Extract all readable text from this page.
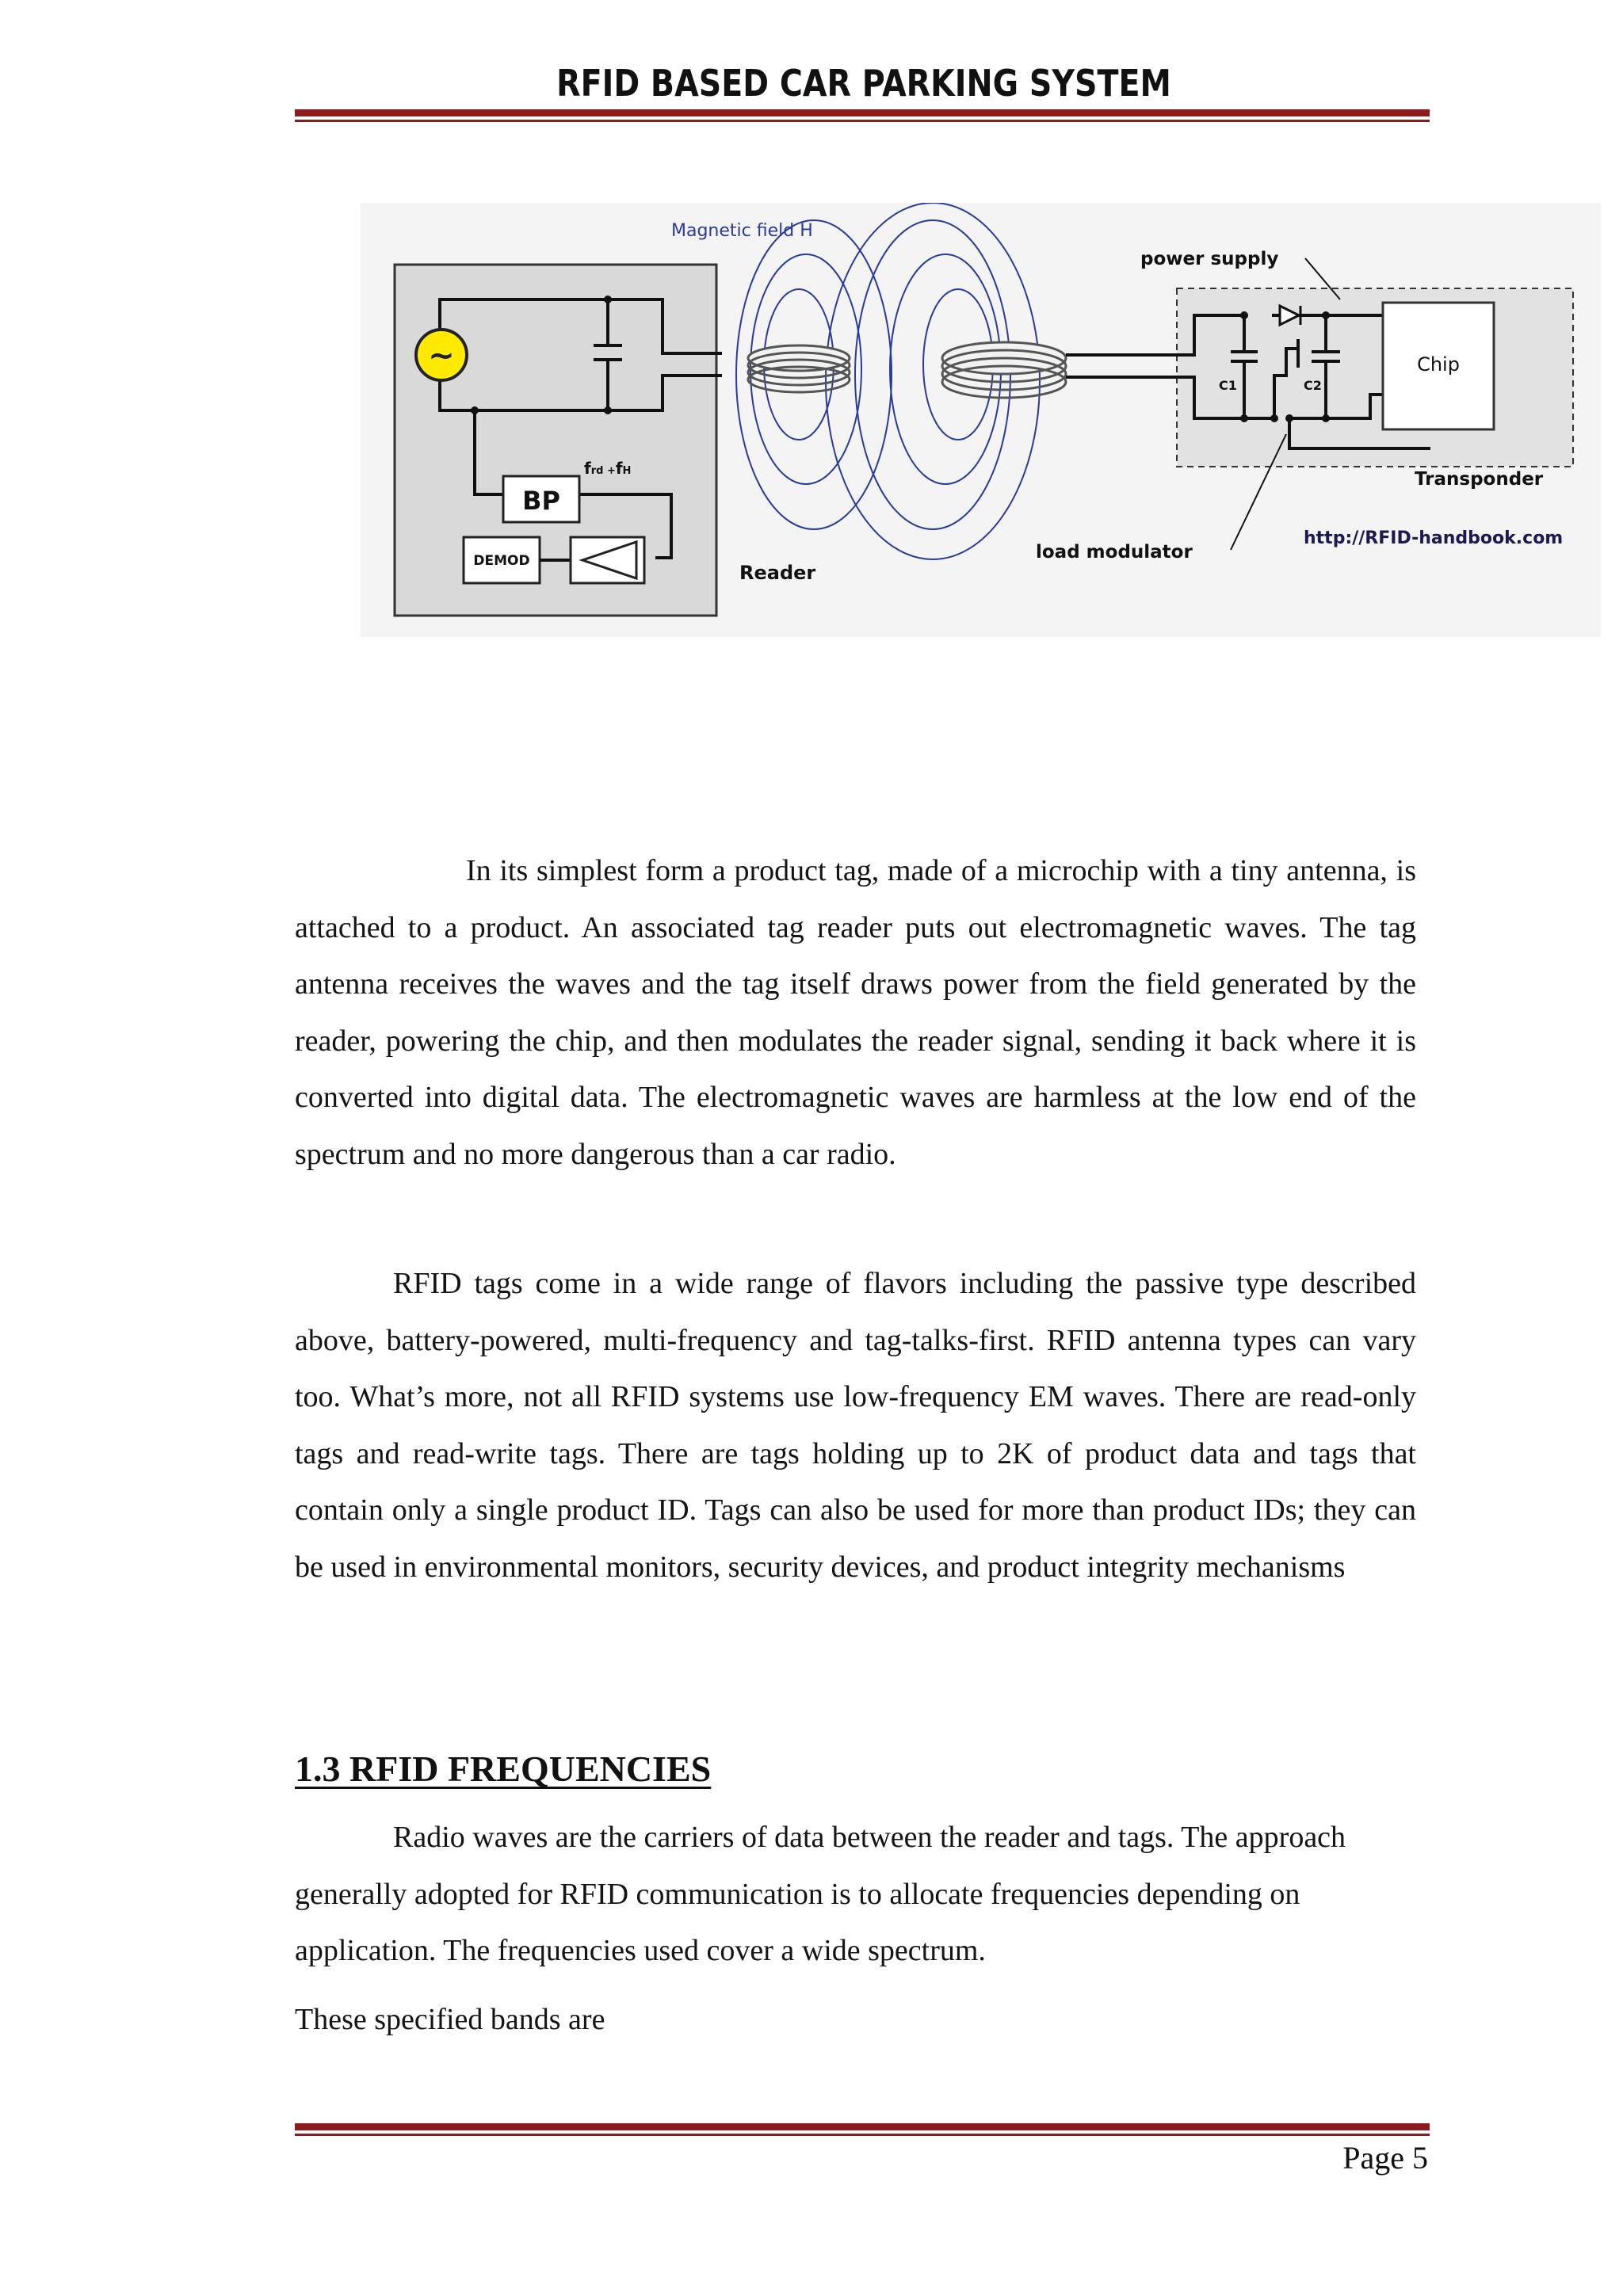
RFID BASED CAR PARKING SYSTEM
~
BP
frd +fH
DEMOD
Reader
Magnetic field H
C1	C2
Chip
Transponder
power supply
load modulator
http://RFID-handbook.com

In its simplest form a product tag, made of a microchip with a tiny antenna, is attached to a product. An associated tag reader puts out electromagnetic waves. The tag antenna receives the waves and the tag itself draws power from the field generated by the reader, powering the chip, and then modulates the reader signal, sending it back where it is converted into digital data. The electromagnetic waves are harmless at the low end of the spectrum and no more dangerous than a car radio.

RFID tags come in a wide range of flavors including the passive type described above, battery-powered, multi-frequency and tag-talks-first. RFID antenna types can vary too. What’s more, not all RFID systems use low-frequency EM waves. There are read-only tags and read-write tags. There are tags holding up to 2K of product data and tags that contain only a single product ID. Tags can also be used for more than product IDs; they can be used in environmental monitors, security devices, and product integrity mechanisms

1.3 RFID FREQUENCIES

Radio waves are the carriers of data between the reader and tags. The approach generally adopted for RFID communication is to allocate frequencies depending on application. The frequencies used cover a wide spectrum.

These specified bands are

Page 5
